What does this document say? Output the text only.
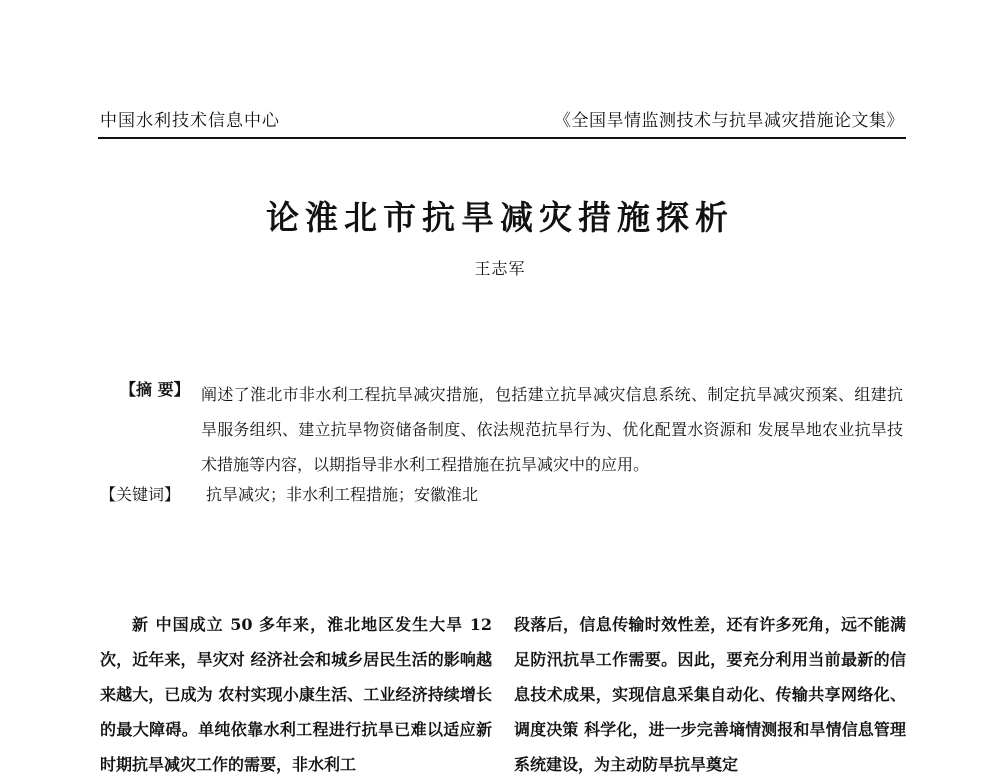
中国水利技术信息中心	《全国旱情监测技术与抗旱减灾措施论文集》
论淮北市抗旱减灾措施探析
王志军
【摘 要】 阐述了淮北市非水利工程抗旱减灾措施，包括建立抗旱减灾信息系统、制定抗旱减灾预案、组建抗旱服务组织、建立抗旱物资储备制度、依法规范抗旱行为、优化配置水资源和 发展旱地农业抗旱技术措施等内容，以期指导非水利工程措施在抗旱减灾中的应用。
【关键词】 抗旱减灾；非水利工程措施；安徽淮北
新 中国成立 50 多年来，淮北地区发生大旱 12 次，近年来，旱灾对 经济社会和城乡居民生活的影响越来越大，已成为 农村实现小康生活、工业经济持续增长的最大障碍。单纯依靠水利工程进行抗旱已难以适应新时期抗旱减灾工作的需要，非水利工
段落后，信息传输时效性差，还有许多死角，远不能满足防汛抗旱工作需要。因此，要充分利用当前最新的信息技术成果，实现信息采集自动化、传输共享网络化、调度决策 科学化，进一步完善墒情测报和旱情信息管理系统建设，为主动防旱抗旱奠定
